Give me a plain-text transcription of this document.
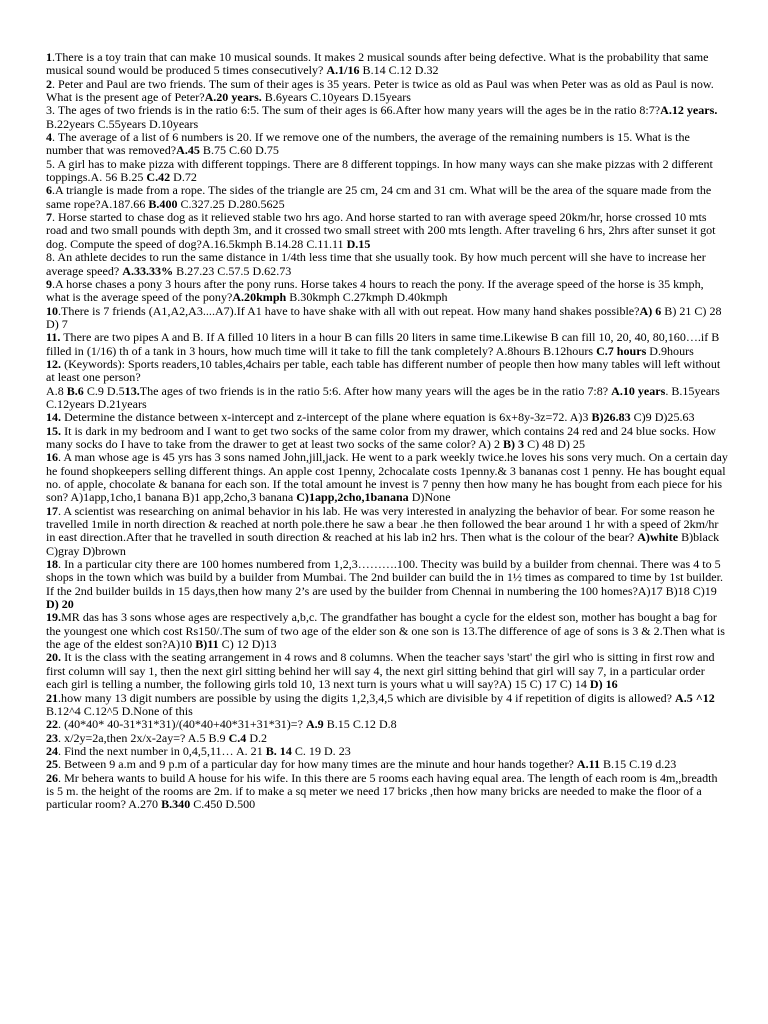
1.There is a toy train that can make 10 musical sounds. It makes 2 musical sounds after being defective. What is the probability that same musical sound would be produced 5 times consecutively? A.1/16 B.14 C.12 D.32

2. Peter and Paul are two friends. The sum of their ages is 35 years. Peter is twice as old as Paul was when Peter was as old as Paul is now. What is the present age of Peter?A.20 years. B.6years C.10years D.15years

3. The ages of two friends is in the ratio 6:5. The sum of their ages is 66.After how many years will the ages be in the ratio 8:7?A.12 years. B.22years C.55years D.10years

4. The average of a list of 6 numbers is 20. If we remove one of the numbers, the average of the remaining numbers is 15. What is the number that was removed?A.45 B.75 C.60 D.75

5. A girl has to make pizza with different toppings. There are 8 different toppings. In how many ways can she make pizzas with 2 different toppings.A. 56 B.25 C.42 D.72

6.A triangle is made from a rope. The sides of the triangle are 25 cm, 24 cm and 31 cm. What will be the area of the square made from the same rope?A.187.66 B.400 C.327.25 D.280.5625

7. Horse started to chase dog as it relieved stable two hrs ago. And horse started to ran with average speed 20km/hr, horse crossed 10 mts road and two small pounds with depth 3m, and it crossed two small street with 200 mts length. After traveling 6 hrs, 2hrs after sunset it got dog. Compute the speed of dog?A.16.5kmph B.14.28 C.11.11 D.15

8. An athlete decides to run the same distance in 1/4th less time that she usually took. By how much percent will she have to increase her average speed? A.33.33% B.27.23 C.57.5 D.62.73

9.A horse chases a pony 3 hours after the pony runs. Horse takes 4 hours to reach the pony. If the average speed of the horse is 35 kmph, what is the average speed of the pony?A.20kmph B.30kmph C.27kmph D.40kmph

10.There is 7 friends (A1,A2,A3....A7).If A1 have to have shake with all with out repeat. How many hand shakes possible?A) 6 B) 21 C) 28 D) 7

11. There are two pipes A and B. If A filled 10 liters in a hour B can fills 20 liters in same time.Likewise B can fill 10, 20, 40, 80,160….if B filled in (1/16) th of a tank in 3 hours, how much time will it take to fill the tank completely? A.8hours B.12hours C.7 hours D.9hours

12. (Keywords): Sports readers,10 tables,4chairs per table, each table has different number of people then how many tables will left without at least one person?

A.8 B.6 C.9 D.513.The ages of two friends is in the ratio 5:6. After how many years will the ages be in the ratio 7:8? A.10 years. B.15years C.12years D.21years

14. Determine the distance between x-intercept and z-intercept of the plane where equation is 6x+8y-3z=72. A)3 B)26.83 C)9 D)25.63

15. It is dark in my bedroom and I want to get two socks of the same color from my drawer, which contains 24 red and 24 blue socks. How many socks do I have to take from the drawer to get at least two socks of the same color? A) 2 B) 3 C) 48 D) 25

16. A man whose age is 45 yrs has 3 sons named John,jill,jack. He went to a park weekly twice.he loves his sons very much. On a certain day he found shopkeepers selling different things. An apple cost 1penny, 2chocalate costs 1penny.& 3 bananas cost 1 penny. He has bought equal no. of apple, chocolate & banana for each son. If the total amount he invest is 7 penny then how many he has bought from each piece for his son? A)1app,1cho,1 banana B)1 app,2cho,3 banana C)1app,2cho,1banana D)None

17. A scientist was researching on animal behavior in his lab. He was very interested in analyzing the behavior of bear. For some reason he travelled 1mile in north direction & reached at north pole.there he saw a bear .he then followed the bear around 1 hr with a speed of 2km/hr in east direction.After that he travelled in south direction & reached at his lab in2 hrs. Then what is the colour of the bear? A)white B)black C)gray D)brown

18. In a particular city there are 100 homes numbered from 1,2,3……….100. Thecity was build by a builder from chennai. There was 4 to 5 shops in the town which was build by a builder from Mumbai. The 2nd builder can build the in 1½ times as compared to time by 1st builder. If the 2nd builder builds in 15 days,then how many 2’s are used by the builder from Chennai in numbering the 100 homes?A)17 B)18 C)19 D) 20

19.MR das has 3 sons whose ages are respectively a,b,c. The grandfather has bought a cycle for the eldest son, mother has bought a bag for the youngest one which cost Rs150/.The sum of two age of the elder son & one son is 13.The difference of age of sons is 3 & 2.Then what is the age of the eldest son?A)10 B)11 C) 12 D)13

20. It is the class with the seating arrangement in 4 rows and 8 columns. When the teacher says 'start' the girl who is sitting in first row and first column will say 1, then the next girl sitting behind her will say 4, the next girl sitting behind that girl will say 7, in a particular order each girl is telling a number, the following girls told 10, 13 next turn is yours what u will say?A) 15 C) 17 C) 14 D) 16

21.how many 13 digit numbers are possible by using the digits 1,2,3,4,5 which are divisible by 4 if repetition of digits is allowed? A.5 ^12 B.12^4 C.12^5 D.None of this

22. (40*40* 40-31*31*31)/(40*40+40*31+31*31)=? A.9 B.15 C.12 D.8

23. x/2y=2a,then 2x/x-2ay=? A.5 B.9 C.4 D.2

24. Find the next number in 0,4,5,11… A. 21 B. 14 C. 19 D. 23

25. Between 9 a.m and 9 p.m of a particular day for how many times are the minute and hour hands together? A.11 B.15 C.19 d.23

26. Mr behera wants to build A house for his wife. In this there are 5 rooms each having equal area. The length of each room is 4m,,breadth is 5 m. the height of the rooms are 2m. if to make a sq meter we need 17 bricks ,then how many bricks are needed to make the floor of a particular room? A.270 B.340 C.450 D.500
